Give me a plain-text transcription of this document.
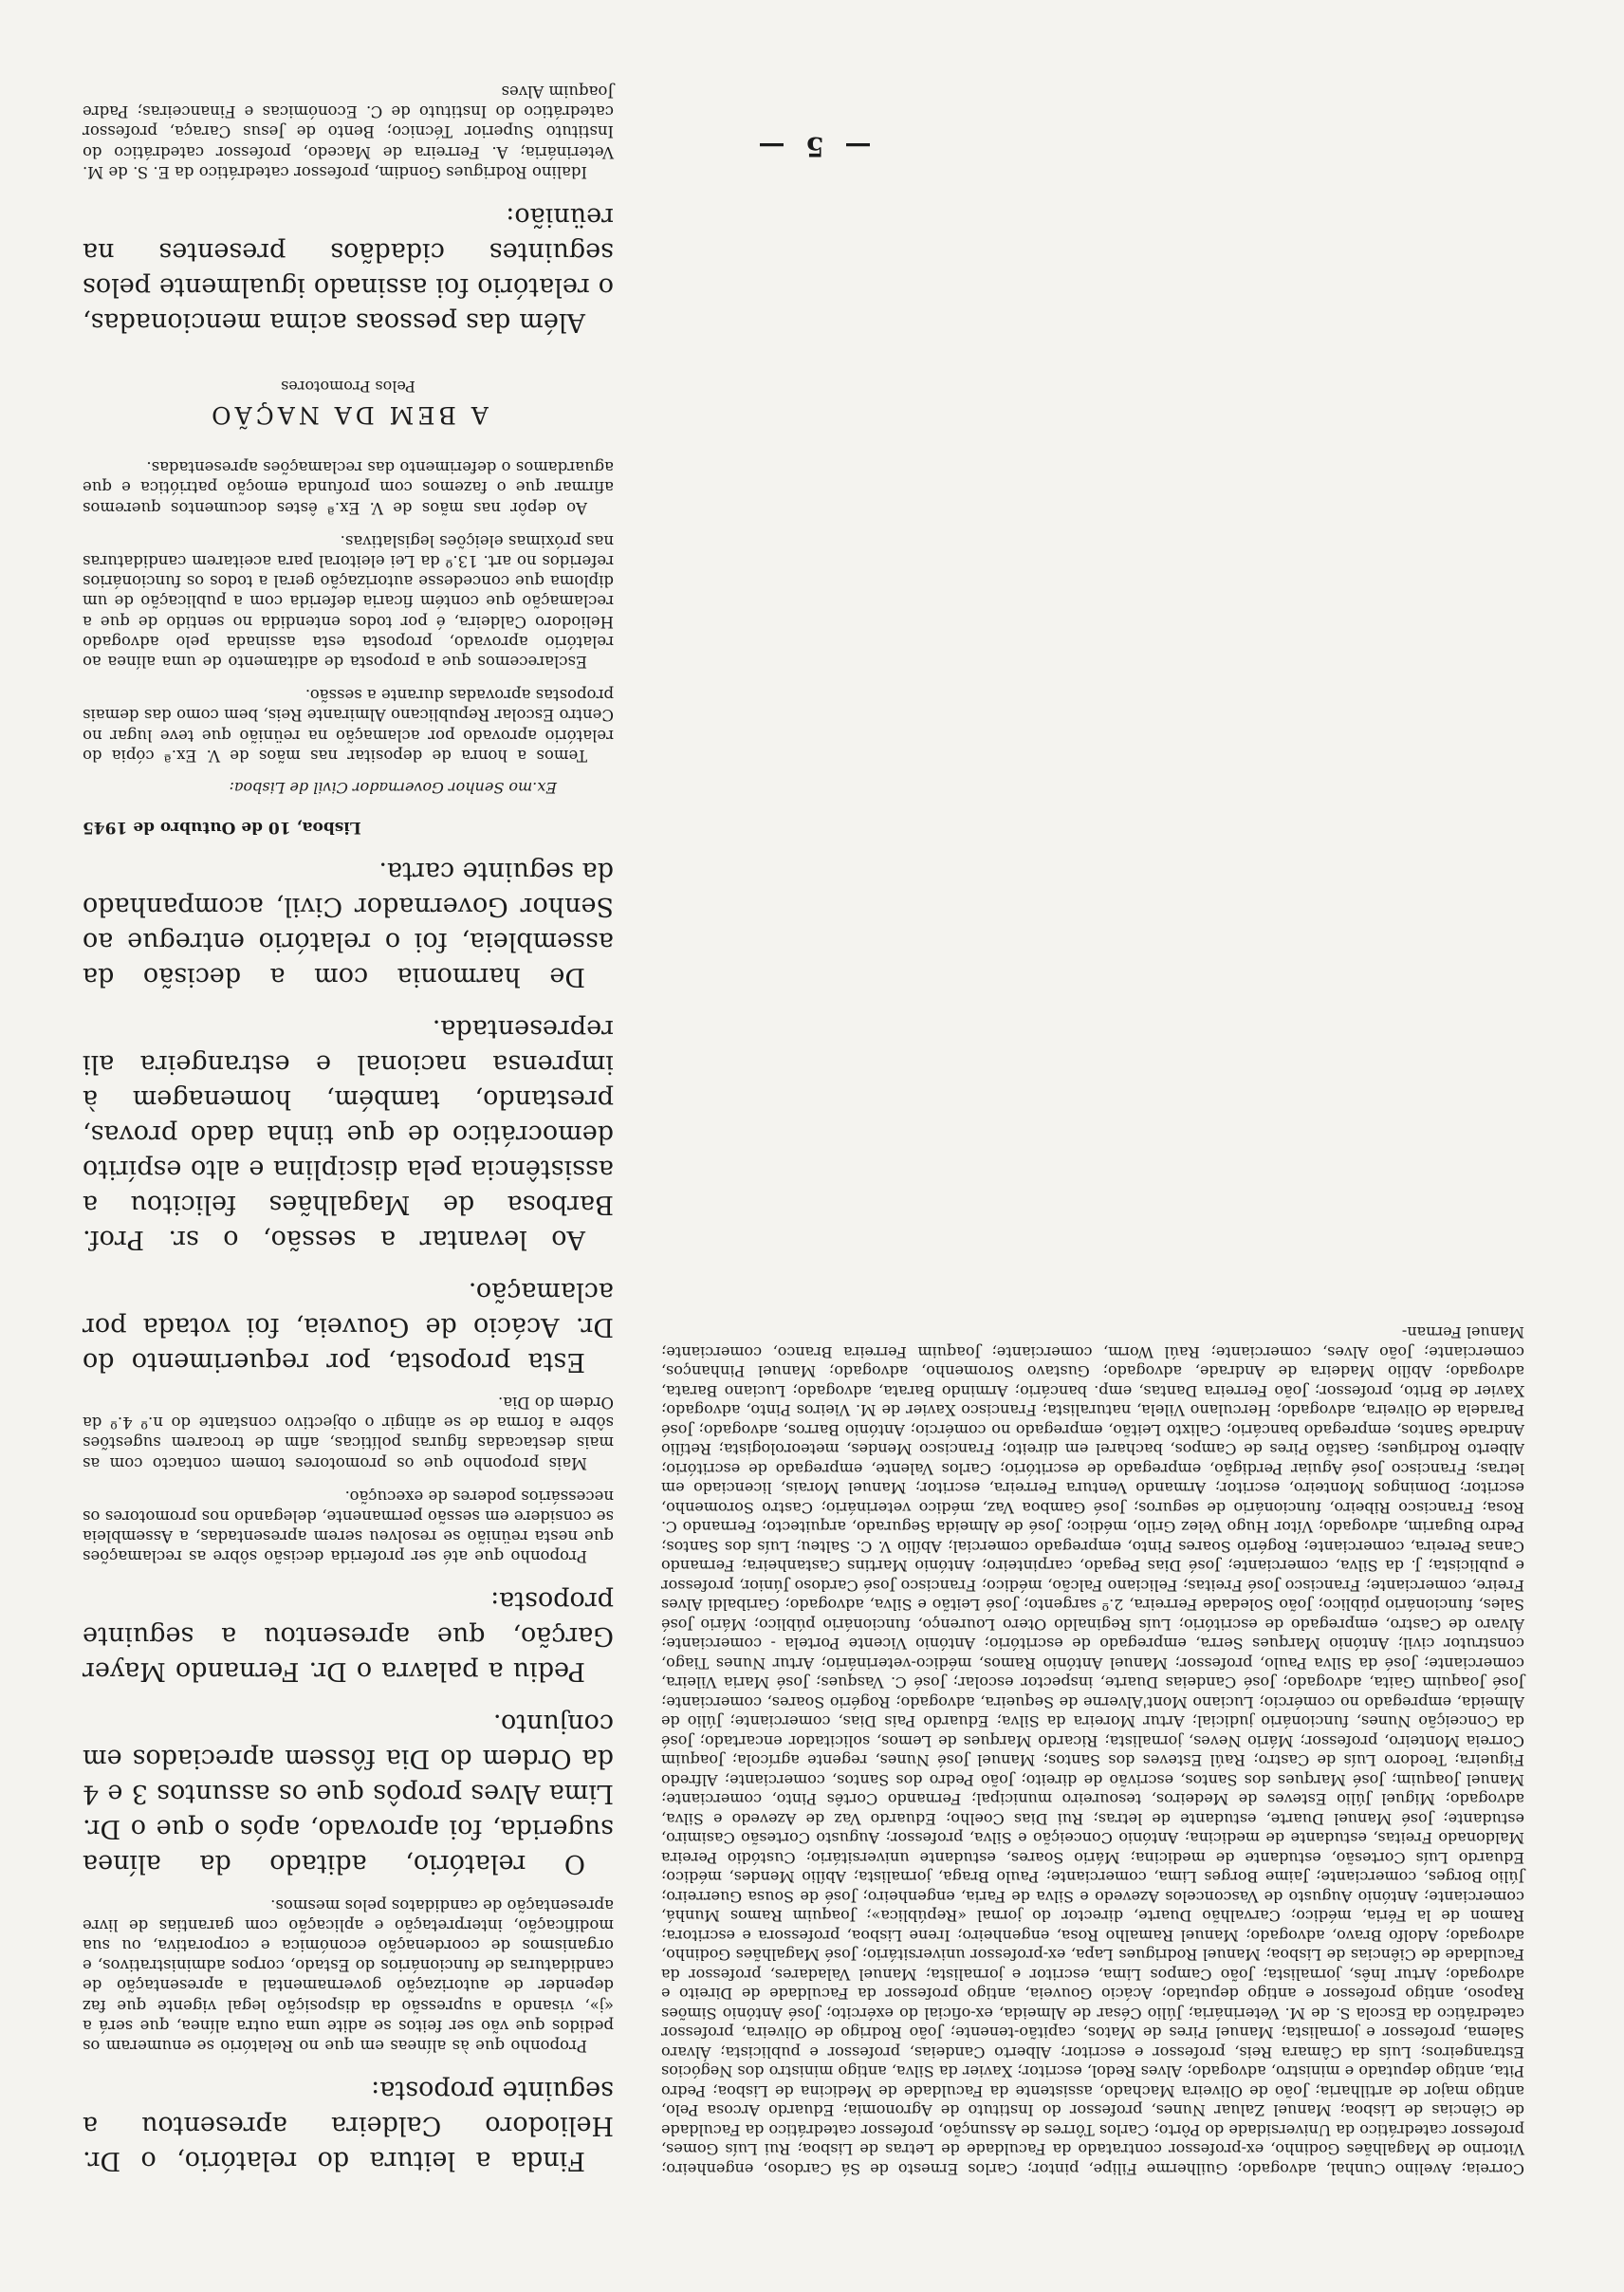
Finda a leitura do relatório, o Dr. Heliodoro Caldeira apresentou a seguinte proposta:

Proponho que às alíneas em que no Relatório se enumeram os pedidos que vão ser feitos se adite uma outra alínea, que será a «j», visando a supressão da disposição legal vigente que faz depender de autorização governamental a apresentação de candidaturas de funcionários do Estado, corpos administrativos, e organismos de coordenação económica e corporativa, ou sua modificação, interpretação e aplicação com garantias de livre apresentação de candidatos pelos mesmos.

O relatório, aditado da alínea sugerida, foi aprovado, após o que o Dr. Lima Alves propôs que os assuntos 3 e 4 da Ordem do Dia fôssem apreciados em conjunto.

Pediu a palavra o Dr. Fernando Mayer Garção, que apresentou a seguinte proposta:

Proponho que até ser proferida decisão sôbre as reclamações que nesta reünião se resolveu serem apresentadas, a Assembleia se considere em sessão permanente, delegando nos promotores os necessários poderes de execução.

Mais proponho que os promotores tomem contacto com as mais destacadas figuras políticas, afim de trocarem sugestões sôbre a forma de se atingir o objectivo constante do n.º 4.º da Ordem do Dia.

Esta proposta, por requerimento do Dr. Acácio de Gouveia, foi votada por aclamação.

Ao levantar a sessão, o sr. Prof. Barbosa de Magalhães felicitou a assistência pela disciplina e alto espírito democrático de que tinha dado provas, prestando, também, homenagem à imprensa nacional e estrangeira ali representada.

De harmonia com a decisão da assembleia, foi o relatório entregue ao Senhor Governador Civil, acompanhado da seguinte carta.

Lisboa, 10 de Outubro de 1945
Ex.mo Senhor Governador Civil de Lisboa:

Temos a honra de depositar nas mãos de V. Ex.ª cópia do relatório aprovado por aclamação na reünião que teve lugar no Centro Escolar Republicano Almirante Reis, bem como das demais propostas aprovadas durante a sessão.

Esclarecemos que a proposta de aditamento de uma alínea ao relatório aprovado, proposta esta assinada pelo advogado Heliodoro Caldeira, é por todos entendida no sentido de que a reclamação que contém ficaria deferida com a publicação de um diploma que concedesse autorização geral a todos os funcionários referidos no art. 13.º da Lei eleitoral para aceitarem candidaturas nas próximas eleições legislativas.

Ao depôr nas mãos de V. Ex.ª êstes documentos queremos afirmar que o fazemos com profunda emoção patriótica e que aguardamos o deferimento das reclamações apresentadas.

A BEM DA NAÇÃO
Pelos Promotores

Além das pessoas acima mencionadas, o relatório foi assinado igualmente pelos seguintes cidadãos presentes na reünião:

Idalino Rodrigues Gondim, professor catedrático da E. S. de M. Veterinária; A. Ferreira de Macedo, professor catedrático do Instituto Superior Técnico; Bento de Jesus Caraça, professor catedrático do Instituto de C. Económicas e Financeiras; Padre Joaquim Alves

Correia; Avelino Cunhal, advogado; Guilherme Filipe, pintor; Carlos Ernesto de Sá Cardoso, engenheiro; Vitorino de Magalhães Godinho, ex-professor contratado da Faculdade de Letras de Lisboa; Rui Luís Gomes, professor catedrático da Universidade do Pôrto; Carlos Tôrres de Assunção, professor catedrático da Faculdade de Ciências de Lisboa; Manuel Zaluar Nunes, professor do Instituto de Agronomia; Eduardo Arcosa Pelo, antigo major de artilharia; João de Oliveira Machado, assistente da Faculdade de Medicina de Lisboa; Pedro Pita, antigo deputado e ministro, advogado; Alves Redol, escritor; Xavier da Silva, antigo ministro dos Negócios Estrangeiros; Luís da Câmara Reis, professor e escritor; Alberto Candeias, professor e publicista; Álvaro Salema, professor e jornalista; Manuel Pires de Matos, capitão-tenente; João Rodrigo de Oliveira, professor catedrático da Escola S. de M. Veterinária; Júlio César de Almeida, ex-oficial do exército; José António Simões Raposo, antigo professor e antigo deputado; Acácio Gouveia, antigo professor da Faculdade de Direito e advogado; Artur Inês, jornalista; João Campos Lima, escritor e jornalista; Manuel Valadares, professor da Faculdade de Ciências de Lisboa; Manuel Rodrigues Lapa, ex-professor universitário; José Magalhães Godinho, advogado; Adolfo Bravo, advogado; Manuel Ramalho Rosa, engenheiro; Irene Lisboa, professora e escritora; Ramon de la Féria, médico; Carvalhão Duarte, director do jornal «República»; Joaquim Ramos Munhá, comerciante; António Augusto de Vasconcelos Azevedo e Silva de Faria, engenheiro; José de Sousa Guerreiro; Júlio Borges, comerciante; Jaime Borges Lima, comerciante; Paulo Braga, jornalista; Abílio Mendes, médico; Eduardo Luís Cortesão, estudante de medicina; Mário Soares, estudante universitário; Custódio Pereira Maldonado Freitas, estudante de medicina; António Conceição e Silva, professor; Augusto Cortesão Casimiro, estudante; José Manuel Duarte, estudante de letras; Rui Dias Coelho; Eduardo Vaz de Azevedo e Silva, advogado; Miguel Júlio Esteves de Medeiros, tesoureiro municipal; Fernando Cortês Pinto, comerciante; Manuel Joaquim; José Marques dos Santos, escrivão de direito; João Pedro dos Santos, comerciante; Alfredo Figueira; Teodoro Luís de Castro; Raúl Esteves dos Santos; Manuel José Nunes, regente agrícola; Joaquim Correia Monteiro, professor; Mário Neves, jornalista; Ricardo Marques de Lemos, solicitador encartado; José da Conceição Nunes, funcionário judicial; Artur Moreira da Silva; Eduardo Pais Dias, comerciante; Júlio de Almeida, empregado no comércio; Luciano Mont'Alverne de Sequeira, advogado; Rogério Soares, comerciante; José Joaquim Gaita, advogado; José Candeias Duarte, inspector escolar; José C. Vasques; José Maria Vileira, comerciante; José da Silva Paulo, professor; Manuel António Ramos, médico-veterinário; Artur Nunes Tiago, construtor civil; António Marques Serra, empregado de escritório; António Vicente Portela - comerciante; Álvaro de Castro, empregado de escritório; Luís Reginaldo Otero Lourenço, funcionário público; Mário José Sales, funcionário público; João Soledade Ferreira, 2.º sargento; José Leitão e Silva, advogado; Garibaldi Alves Freire, comerciante; Francisco José Freitas; Feliciano Falcão, médico; Francisco José Cardoso Júnior, professor e publicista; J. da Silva, comerciante; José Dias Pegado, carpinteiro; António Martins Castanheira; Fernando Canas Pereira, comerciante; Rogério Soares Pinto, empregado comercial; Abílio V. C. Salteu; Luís dos Santos; Pedro Bugarim, advogado; Vítor Hugo Velez Grilo, médico; José de Almeida Segurado, arquitecto; Fernando C. Rosa; Francisco Ribeiro, funcionário de seguros; José Gamboa Vaz, médico veterinário; Castro Soromenho, escritor; Domingos Monteiro, escritor; Armando Ventura Ferreira, escritor; Manuel Morais, licenciado em letras; Francisco José Aguiar Perdigão, empregado de escritório; Carlos Valente, empregado de escritório; Alberto Rodrigues; Gastão Pires de Campos, bacharel em direito; Francisco Mendes, meteorologista; Retílio Andrade Santos, empregado bancário; Calixto Leitão, empregado no comércio; António Barros, advogado; José Paradela de Oliveira, advogado; Herculano Vilela, naturalista; Francisco Xavier de M. Vieiros Pinto, advogado; Xavier de Brito, professor; João Ferreira Dantas, emp. bancário; Armindo Barata, advogado; Luciano Barata, advogado; Abílio Madeira de Andrade, advogado; Gustavo Soromenho, advogado; Manuel Pinhanços, comerciante; João Alves, comerciante; Raúl Worm, comerciante; Joaquim Ferreira Branco, comerciante; Manuel Fernan-

— 5 —
